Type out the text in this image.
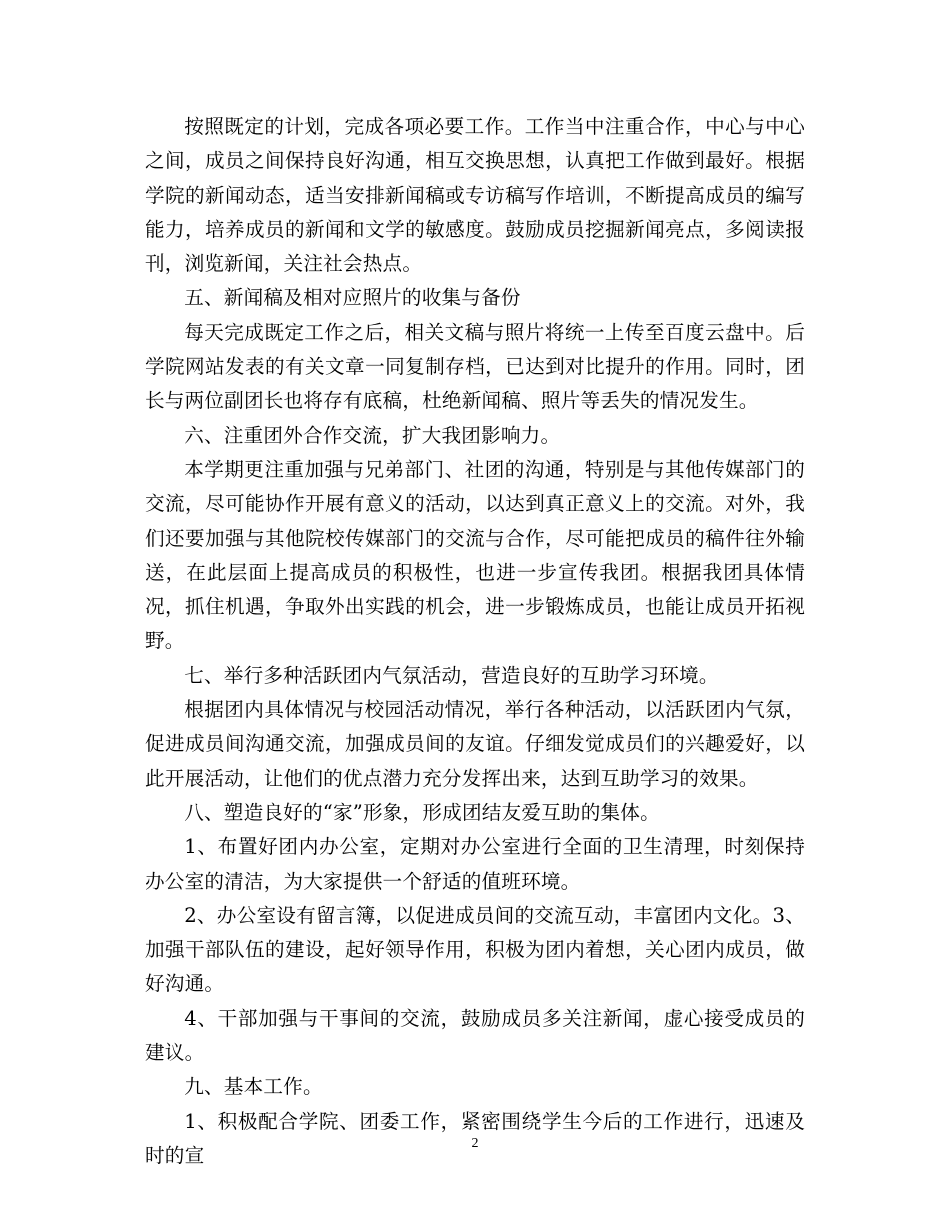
按照既定的计划，完成各项必要工作。工作当中注重合作，中心与中心之间，成员之间保持良好沟通，相互交换思想，认真把工作做到最好。根据学院的新闻动态，适当安排新闻稿或专访稿写作培训，不断提高成员的编写能力，培养成员的新闻和文学的敏感度。鼓励成员挖掘新闻亮点，多阅读报刊，浏览新闻，关注社会热点。

五、新闻稿及相对应照片的收集与备份

每天完成既定工作之后，相关文稿与照片将统一上传至百度云盘中。后学院网站发表的有关文章一同复制存档，已达到对比提升的作用。同时，团长与两位副团长也将存有底稿，杜绝新闻稿、照片等丢失的情况发生。

六、注重团外合作交流，扩大我团影响力。

本学期更注重加强与兄弟部门、社团的沟通，特别是与其他传媒部门的交流，尽可能协作开展有意义的活动，以达到真正意义上的交流。对外，我们还要加强与其他院校传媒部门的交流与合作，尽可能把成员的稿件往外输送，在此层面上提高成员的积极性，也进一步宣传我团。根据我团具体情况，抓住机遇，争取外出实践的机会，进一步锻炼成员，也能让成员开拓视野。

七、举行多种活跃团内气氛活动，营造良好的互助学习环境。

根据团内具体情况与校园活动情况，举行各种活动，以活跃团内气氛，促进成员间沟通交流，加强成员间的友谊。仔细发觉成员们的兴趣爱好，以此开展活动，让他们的优点潜力充分发挥出来，达到互助学习的效果。

八、塑造良好的“家”形象，形成团结友爱互助的集体。

1、布置好团内办公室，定期对办公室进行全面的卫生清理，时刻保持办公室的清洁，为大家提供一个舒适的值班环境。

2、办公室设有留言簿，以促进成员间的交流互动，丰富团内文化。3、加强干部队伍的建设，起好领导作用，积极为团内着想，关心团内成员，做好沟通。

4、干部加强与干事间的交流，鼓励成员多关注新闻，虚心接受成员的建议。

九、基本工作。

1、积极配合学院、团委工作，紧密围绕学生今后的工作进行，迅速及时的宣

2
